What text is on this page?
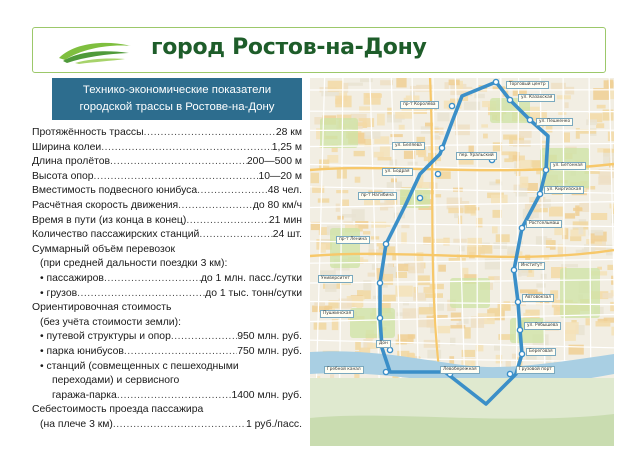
город Ростов-на-Дону
Технико-экономические показатели
городской трассы в Ростове-на-Дону
Протяжённость трассы .....	28 км
Ширина колеи .....	1,25 м
Длина пролётов .....	200—500 м
Высота опор .....	10—20 м
Вместимость подвесного юнибуса .....	48 чел.
Расчётная скорость движения .....	до 80 км/ч
Время в пути (из конца в конец) .....	21 мин
Количество пассажирских станций .....	24 шт.
Суммарный объём перевозок
(при средней дальности поездки 3 км):
• пассажиров .....	до 1 млн. пасс./сутки
• грузов .....	до 1 тыс. тонн/сутки
Ориентировочная стоимость
(без учёта стоимости земли):
• путевой структуры и опор .....	950 млн. руб.
• парка юнибусов .....	750 млн. руб.
• станций (совмещенных с пешеходными
переходами) и сервисного
гаража-парка .....	1400 млн. руб.
Себестоимость проезда пассажира
(на плече 3 км) .....	1 руб./пасс.
Торговый центр
ул. Казахская
ул. Пешкенко
пр-т Королёва
ул. Беляева
пер. Уральский
ул. Бетонная
ул. Бодрая
ул. Киргизская
пр-т Нагибина
Ростсельмаш
пр-т Ленина
Институт
Университет
Автовокзал
Пушкинская
ул. Рябышева
Дон
Береговая
Гребной канал	Левобережная	Грузовой порт
